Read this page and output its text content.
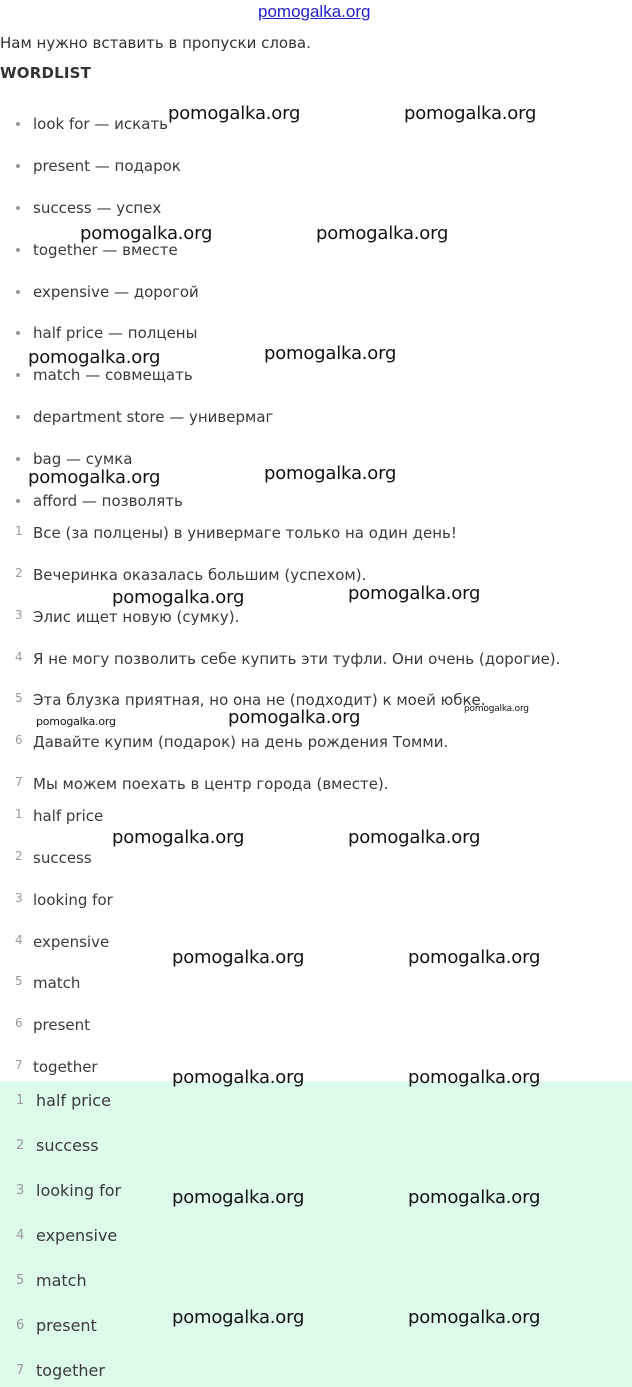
pomogalka.org
Нам нужно вставить в пропуски слова.
WORDLIST
look for — искать
present — подарок
success — успех
together — вместе
expensive — дорогой
half price — полцены
match — совмещать
department store — универмаг
bag — сумка
afford — позволять
1 Все (за полцены) в универмаге только на один день!
2 Вечеринка оказалась большим (успехом).
3 Элис ищет новую (сумку).
4 Я не могу позволить себе купить эти туфли. Они очень (дорогие).
5 Эта блузка приятная, но она не (подходит) к моей юбке.
6 Давайте купим (подарок) на день рождения Томми.
7 Мы можем поехать в центр города (вместе).
1 half price
2 success
3 looking for
4 expensive
5 match
6 present
7 together
1 half price
2 success
3 looking for
4 expensive
5 match
6 present
7 together
pomogalka.org	pomogalka.org
pomogalka.org	pomogalka.org
pomogalka.org	pomogalka.org
pomogalka.org	pomogalka.org
pomogalka.org	pomogalka.org
pomogalka.org	pomogalka.org	pomogalka.org
pomogalka.org	pomogalka.org
pomogalka.org	pomogalka.org
pomogalka.org	pomogalka.org
pomogalka.org	pomogalka.org
pomogalka.org	pomogalka.org
